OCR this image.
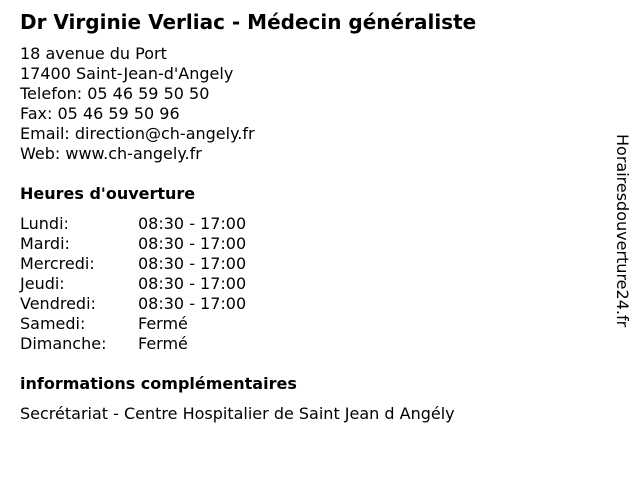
Dr Virginie Verliac - Médecin généraliste
18 avenue du Port
17400 Saint-Jean-d'Angely
Telefon: 05 46 59 50 50
Fax: 05 46 59 50 96
Email: direction@ch-angely.fr
Web: www.ch-angely.fr
Heures d'ouverture
Lundi:	08:30 - 17:00
Mardi:	08:30 - 17:00
Mercredi:	08:30 - 17:00
Jeudi:	08:30 - 17:00
Vendredi:	08:30 - 17:00
Samedi:	Fermé
Dimanche: Fermé
informations complémentaires
Secrétariat - Centre Hospitalier de Saint Jean d Angély
Horairesdouverture24.fr
